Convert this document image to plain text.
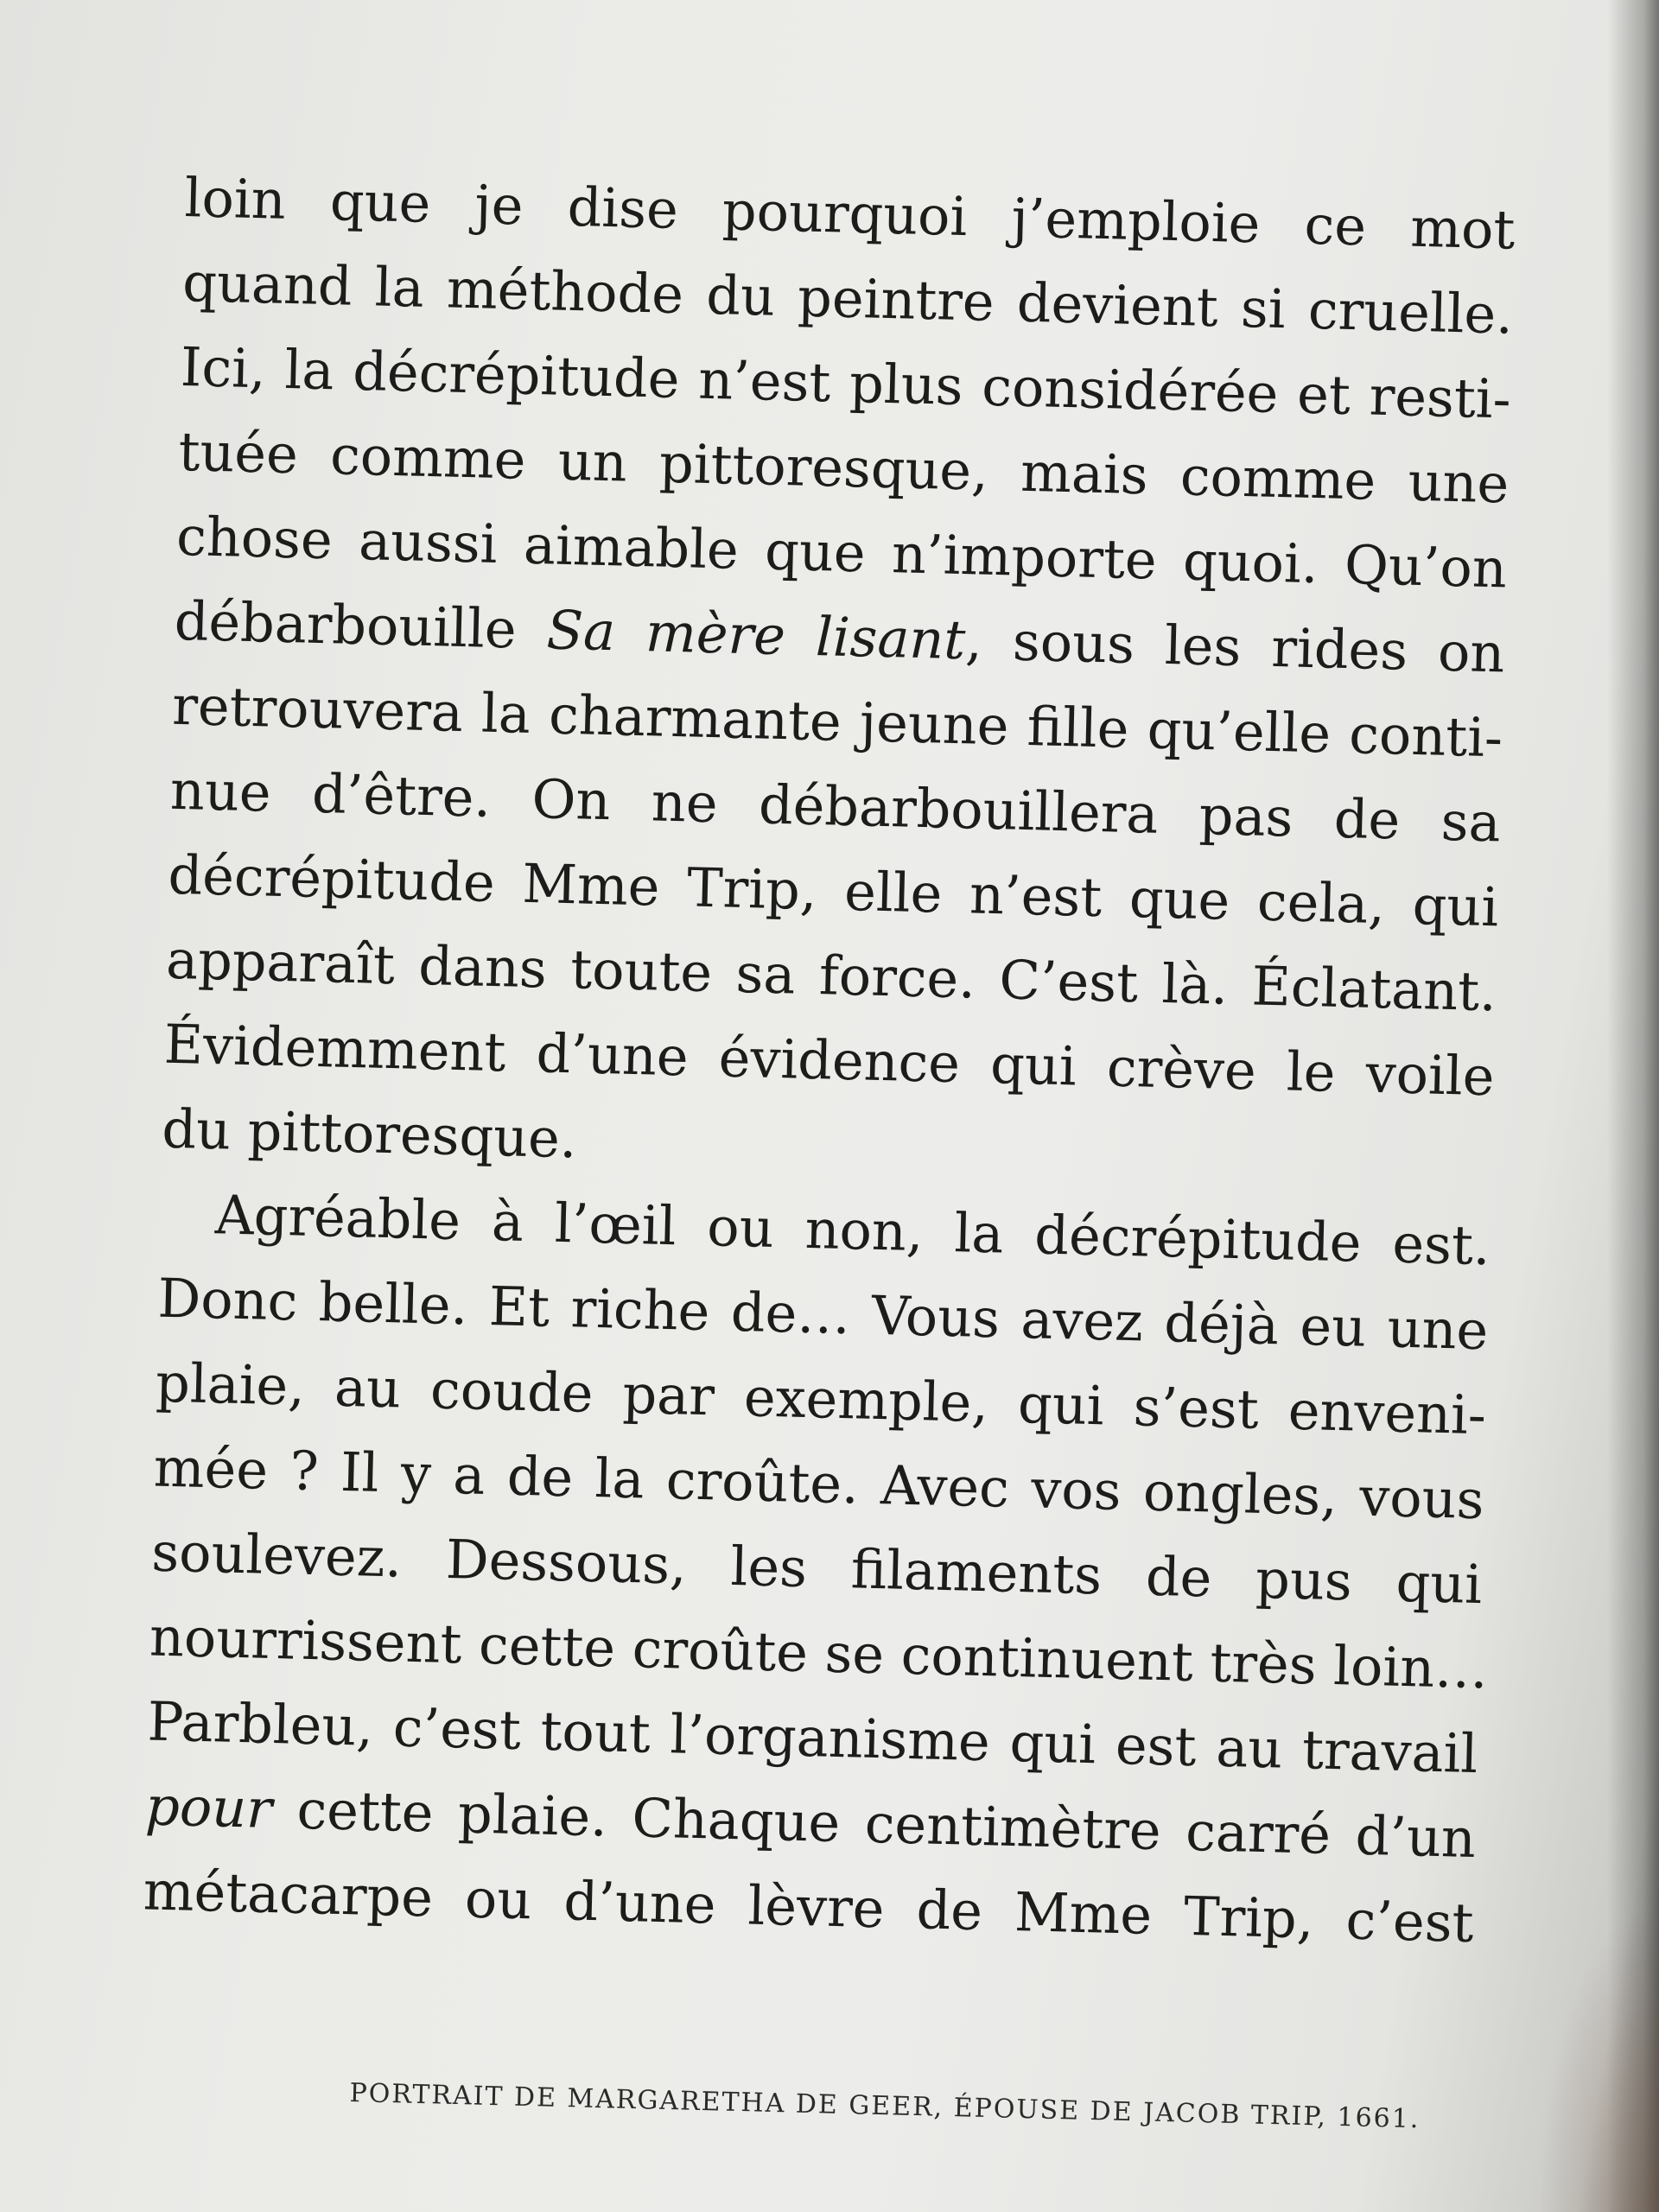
loin que je dise pourquoi j’emploie ce mot
quand la méthode du peintre devient si cruelle.
Ici, la décrépitude n’est plus considérée et resti-
tuée comme un pittoresque, mais comme une
chose aussi aimable que n’importe quoi. Qu’on
débarbouille Sa mère lisant, sous les rides on
retrouvera la charmante jeune fille qu’elle conti-
nue d’être. On ne débarbouillera pas de sa
décrépitude Mme Trip, elle n’est que cela, qui
apparaît dans toute sa force. C’est là. Éclatant.
Évidemment d’une évidence qui crève le voile
du pittoresque.
Agréable à l’œil ou non, la décrépitude est.
Donc belle. Et riche de… Vous avez déjà eu une
plaie, au coude par exemple, qui s’est enveni-
mée ? Il y a de la croûte. Avec vos ongles, vous
soulevez. Dessous, les filaments de pus qui
nourrissent cette croûte se continuent très loin…
Parbleu, c’est tout l’organisme qui est au travail
pour cette plaie. Chaque centimètre carré d’un
métacarpe ou d’une lèvre de Mme Trip, c’est
PORTRAIT DE MARGARETHA DE GEER, ÉPOUSE DE JACOB TRIP, 1661.
